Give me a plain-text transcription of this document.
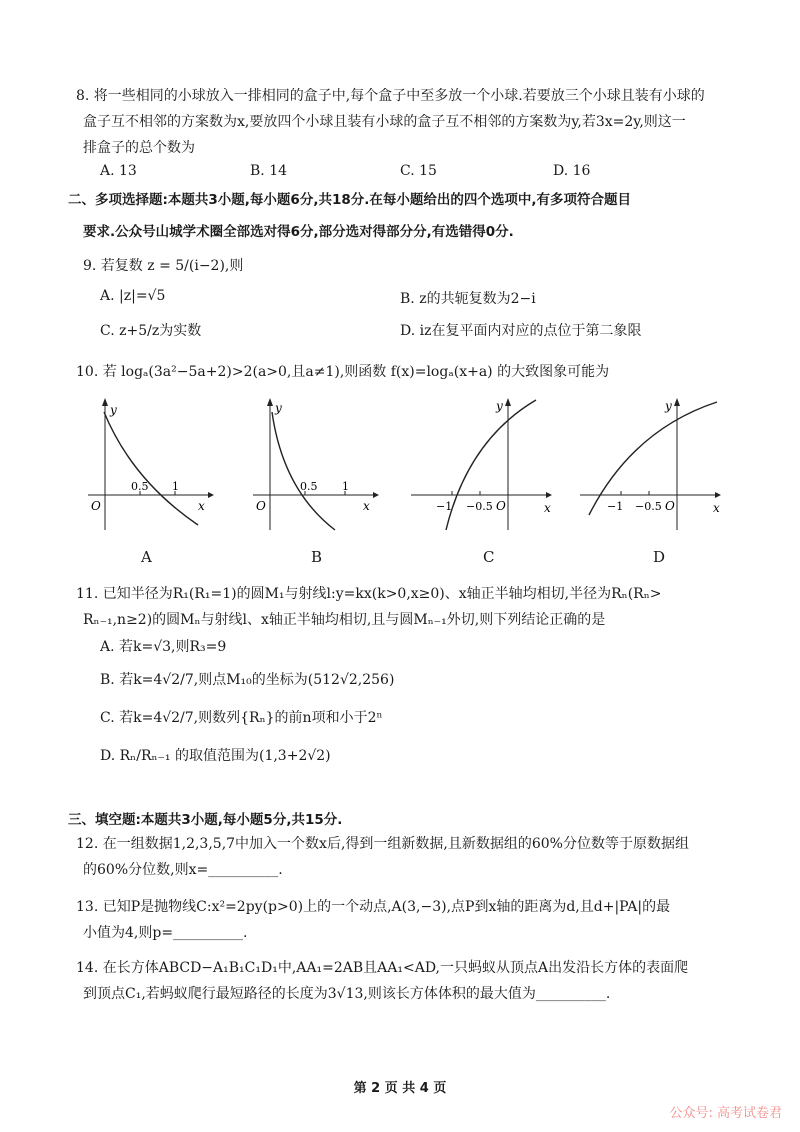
8. 将一些相同的小球放入一排相同的盒子中,每个盒子中至多放一个小球.若要放三个小球且装有小球的
盒子互不相邻的方案数为x,要放四个小球且装有小球的盒子互不相邻的方案数为y,若3x=2y,则这一
排盒子的总个数为
A. 13	B. 14	C. 15	D. 16
二、多项选择题:本题共3小题,每小题6分,共18分.在每小题给出的四个选项中,有多项符合题目
要求.公众号山城学术圈全部选对得6分,部分选对得部分分,有选错得0分.
9. 若复数 z = 5/(i−2),则
A. |z|=√5	B. z的共轭复数为2−i
C. z+5/z为实数	D. iz在复平面内对应的点位于第二象限
10. 若 logₐ(3a²−5a+2)>2(a>0,且a≠1),则函数 f(x)=logₐ(x+a) 的大致图象可能为
O
0.5 1
x
y
A
O
0.5 1
x
y
B
−1 −0.5 O	x
y
C
−1 −0.5 O	x
y
D
11. 已知半径为R₁(R₁=1)的圆M₁与射线l:y=kx(k>0,x≥0)、x轴正半轴均相切,半径为Rₙ(Rₙ>
Rₙ₋₁,n≥2)的圆Mₙ与射线l、x轴正半轴均相切,且与圆Mₙ₋₁外切,则下列结论正确的是
A. 若k=√3,则R₃=9
B. 若k=4√2/7,则点M₁₀的坐标为(512√2,256)
C. 若k=4√2/7,则数列{Rₙ}的前n项和小于2ⁿ
D. Rₙ/Rₙ₋₁ 的取值范围为(1,3+2√2)
三、填空题:本题共3小题,每小题5分,共15分.
12. 在一组数据1,2,3,5,7中加入一个数x后,得到一组新数据,且新数据组的60%分位数等于原数据组
的60%分位数,则x=__________.
13. 已知P是抛物线C:x²=2py(p>0)上的一个动点,A(3,−3),点P到x轴的距离为d,且d+|PA|的最
小值为4,则p=__________.
14. 在长方体ABCD−A₁B₁C₁D₁中,AA₁=2AB且AA₁<AD,一只蚂蚁从顶点A出发沿长方体的表面爬
到顶点C₁,若蚂蚁爬行最短路径的长度为3√13,则该长方体体积的最大值为__________.
第 2 页 共 4 页
公众号: 高考试卷君
